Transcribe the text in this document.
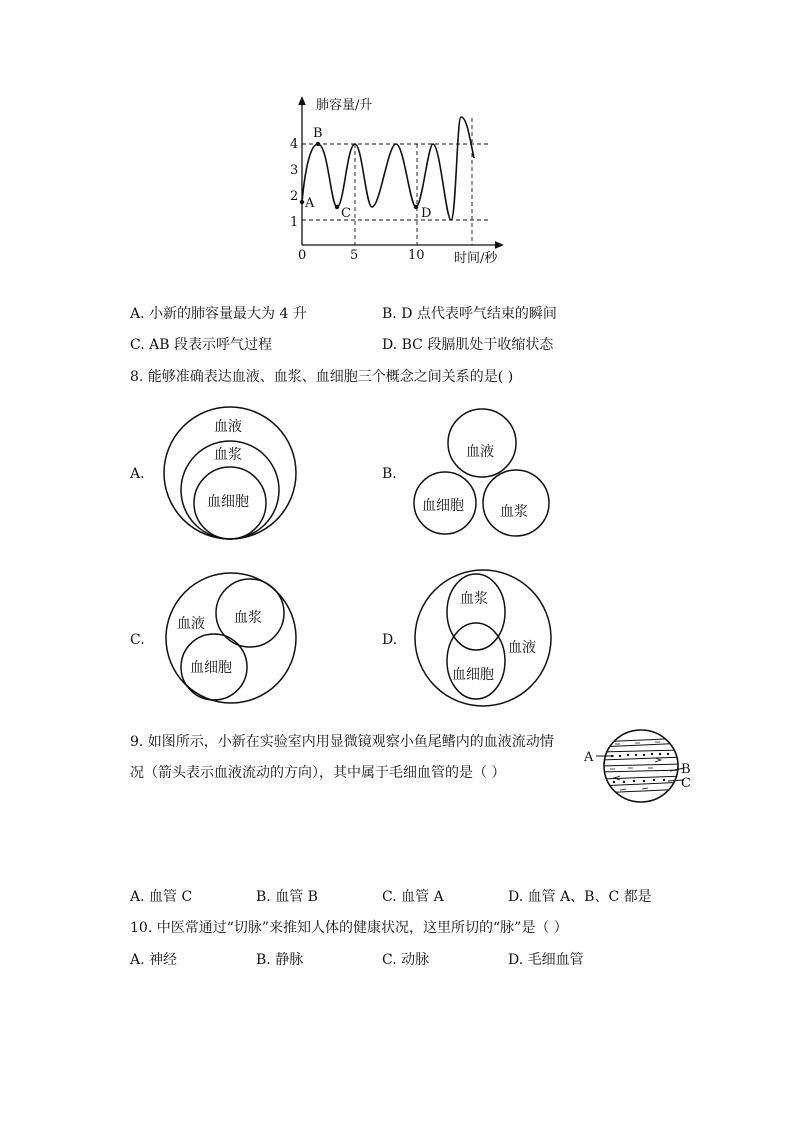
肺容量/升
时间/秒
1
2
3
4
0	5	10
A
B
C	D
A. 小新的肺容量最大为 4 升	B. D 点代表呼气结束的瞬间
C. AB 段表示呼气过程	D. BC 段膈肌处于收缩状态
8. 能够准确表达血液、血浆、血细胞三个概念之间关系的是( )
A.
血液
血浆
血细胞
B.
血液
血细胞	血浆
C.
血液 血浆
血细胞
D.
血浆
血液
血细胞
9. 如图所示，小新在实验室内用显微镜观察小鱼尾鳍内的血液流动情
况（箭头表示血液流动的方向），其中属于毛细血管的是（ ）
A
B
C
A. 血管 C	B. 血管 B	C. 血管 A	D. 血管 A、B、C 都是
10. 中医常通过“切脉”来推知人体的健康状况，这里所切的“脉”是（ ）
A. 神经	B. 静脉	C. 动脉	D. 毛细血管
